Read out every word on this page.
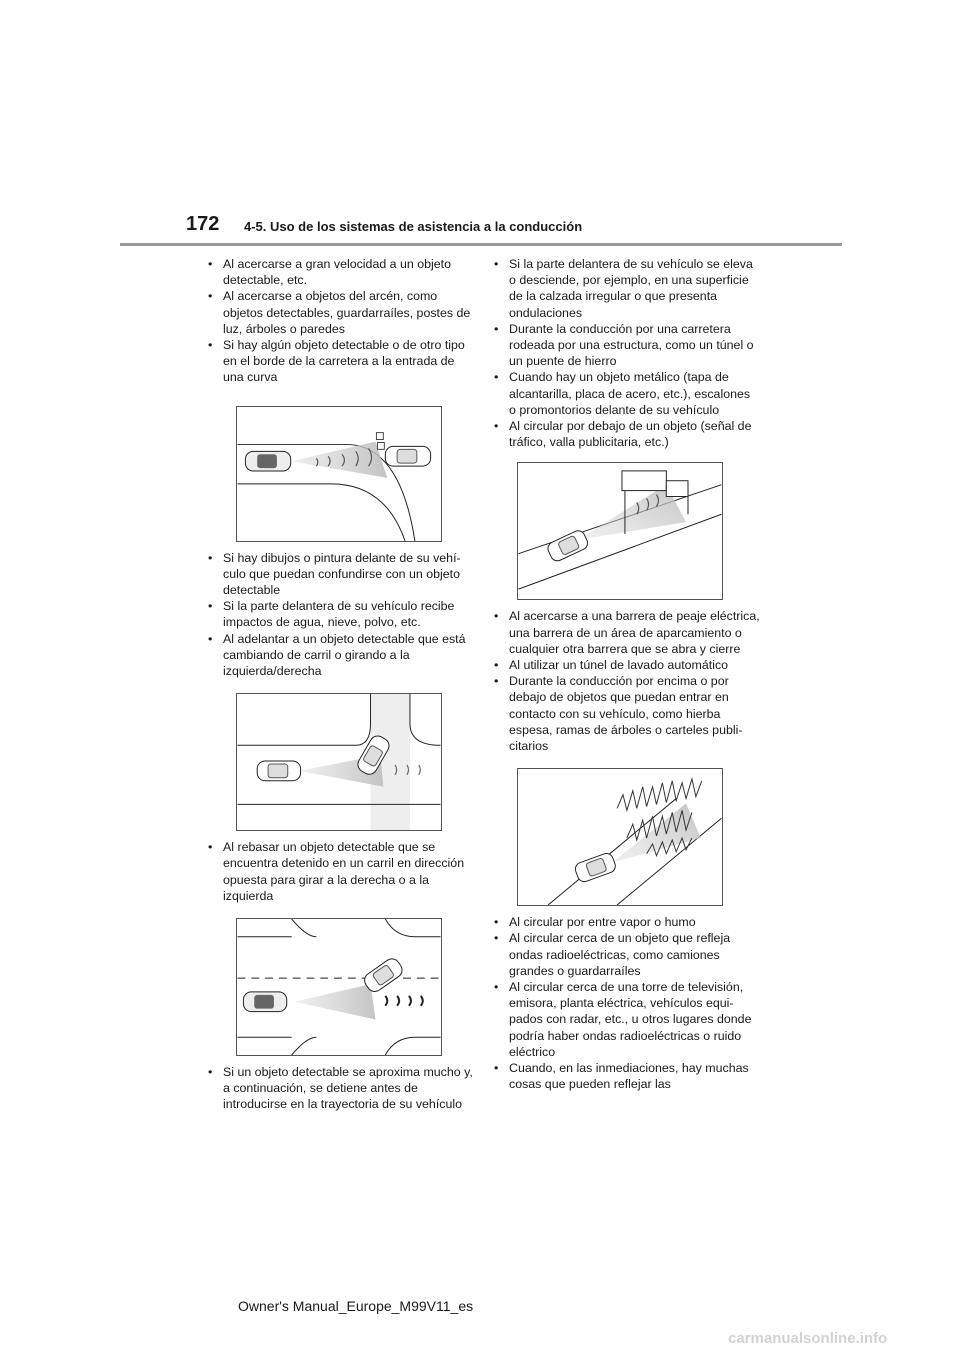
172 4-5. Uso de los sistemas de asistencia a la conducción
• Al acercarse a gran velocidad a un objeto detectable, etc.
• Al acercarse a objetos del arcén, como objetos detectables, guardarraíles, postes de luz, árboles o paredes
• Si hay algún objeto detectable o de otro tipo en el borde de la carretera a la entrada de una curva
• Si hay dibujos o pintura delante de su vehículo que puedan confundirse con un objeto detectable
• Si la parte delantera de su vehículo recibe impactos de agua, nieve, polvo, etc.
• Al adelantar a un objeto detectable que está cambiando de carril o girando a la izquierda/derecha
• Al rebasar un objeto detectable que se encuentra detenido en un carril en dirección opuesta para girar a la derecha o a la izquierda
• Si un objeto detectable se aproxima mucho y, a continuación, se detiene antes de introducirse en la trayectoria de su vehículo
• Si la parte delantera de su vehículo se eleva o desciende, por ejemplo, en una superficie de la calzada irregular o que presenta ondulaciones
• Durante la conducción por una carretera rodeada por una estructura, como un túnel o un puente de hierro
• Cuando hay un objeto metálico (tapa de alcantarilla, placa de acero, etc.), escalones o promontorios delante de su vehículo
• Al circular por debajo de un objeto (señal de tráfico, valla publicitaria, etc.)
• Al acercarse a una barrera de peaje eléctrica, una barrera de un área de aparcamiento o cualquier otra barrera que se abra y cierre
• Al utilizar un túnel de lavado automático
• Durante la conducción por encima o por debajo de objetos que puedan entrar en contacto con su vehículo, como hierba espesa, ramas de árboles o carteles publicitarios
• Al circular por entre vapor o humo
• Al circular cerca de un objeto que refleja ondas radioeléctricas, como camiones grandes o guardarraíles
• Al circular cerca de una torre de televisión, emisora, planta eléctrica, vehículos equipados con radar, etc., u otros lugares donde podría haber ondas radioeléctricas o ruido eléctrico
• Cuando, en las inmediaciones, hay muchas cosas que pueden reflejar las
Owner's Manual_Europe_M99V11_es
carmanualsonline.info
